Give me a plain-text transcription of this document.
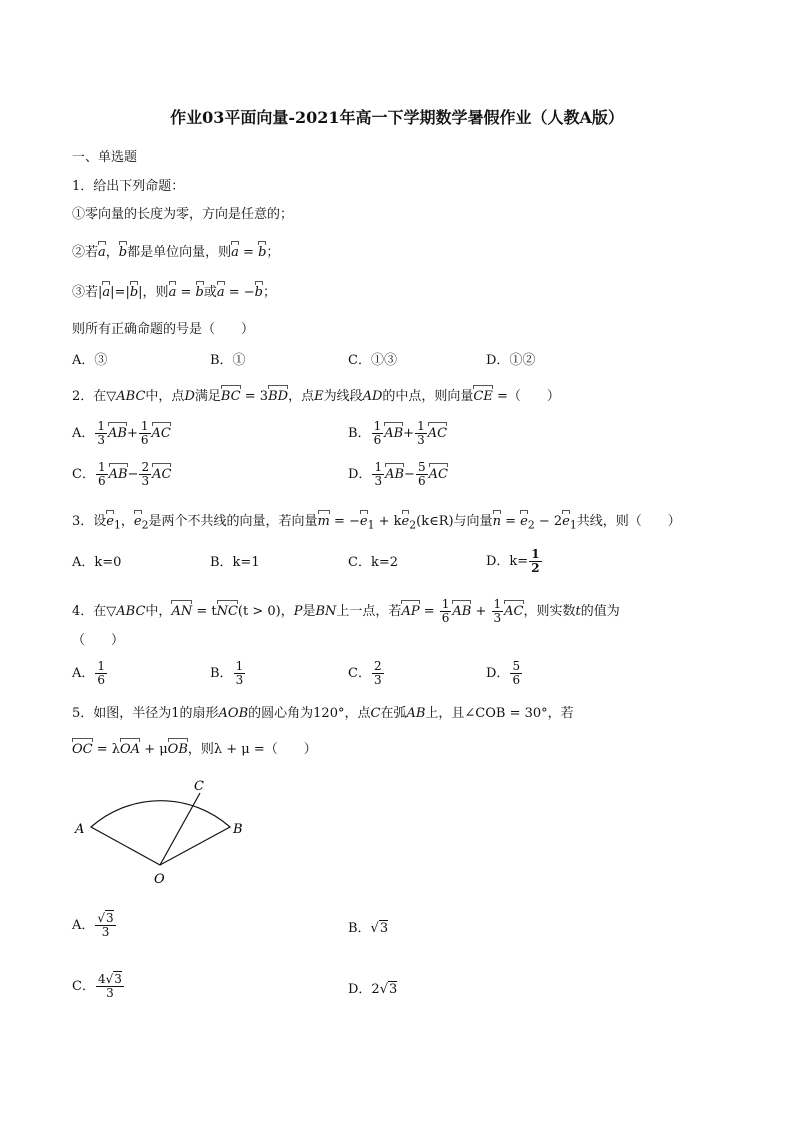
作业03平面向量-2021年高一下学期数学暑假作业（人教A版）
一、单选题
1．给出下列命题：
①零向量的长度为零，方向是任意的；
②若a，b都是单位向量，则a = b；
③若|a|=|b|，则a = b或a = −b；
则所有正确命题的号是（　　）
A．③	B．①	C．①③	D．①②
2．在▽ABC中，点D满足BC = 3BD，点E为线段AD的中点，则向量CE =（　　）
A． $\frac{1}{3} AB+ \frac{1}{6}$ AC	B． $\frac{1}{6} AB+ \frac{1}{3}$ AC
C． $\frac{1}{6} AB- \frac{2}{3}$ AC	D． $\frac{1}{3} AB- \frac{5}{6}$ AC
3．设$e_1$，$e_2$是两个不共线的向量，若向量$m = -e_1$ + $ke_2(k\in R)$与向量$n = e_2 - 2e_1$共线，则（　　）
A．k=0	B．k=1	C．k=2	D．$k= \frac{1}{2}$
4．在▽ABC中，AN = tNC(t > 0)，P是BN上一点，若AP = $\frac{1}{6}$ AB + $\frac{1}{3}$ AC，则实数t的值为
（　　）
A． $\frac{1}{6}$	B． $\frac{1}{3}$	C． $\frac{2}{3}$	D． $\frac{5}{6}$
5．如图，半径为1的扇形AOB的圆心角为120°，点C在弧AB上，且∠COB = 30°，若
OC = λOA + μOB，则λ + μ =（　　）
C
A	B
O
A． $\frac{√3}{3}$	B．√3
C． $\frac{4√3}{3}$	D．2√3
